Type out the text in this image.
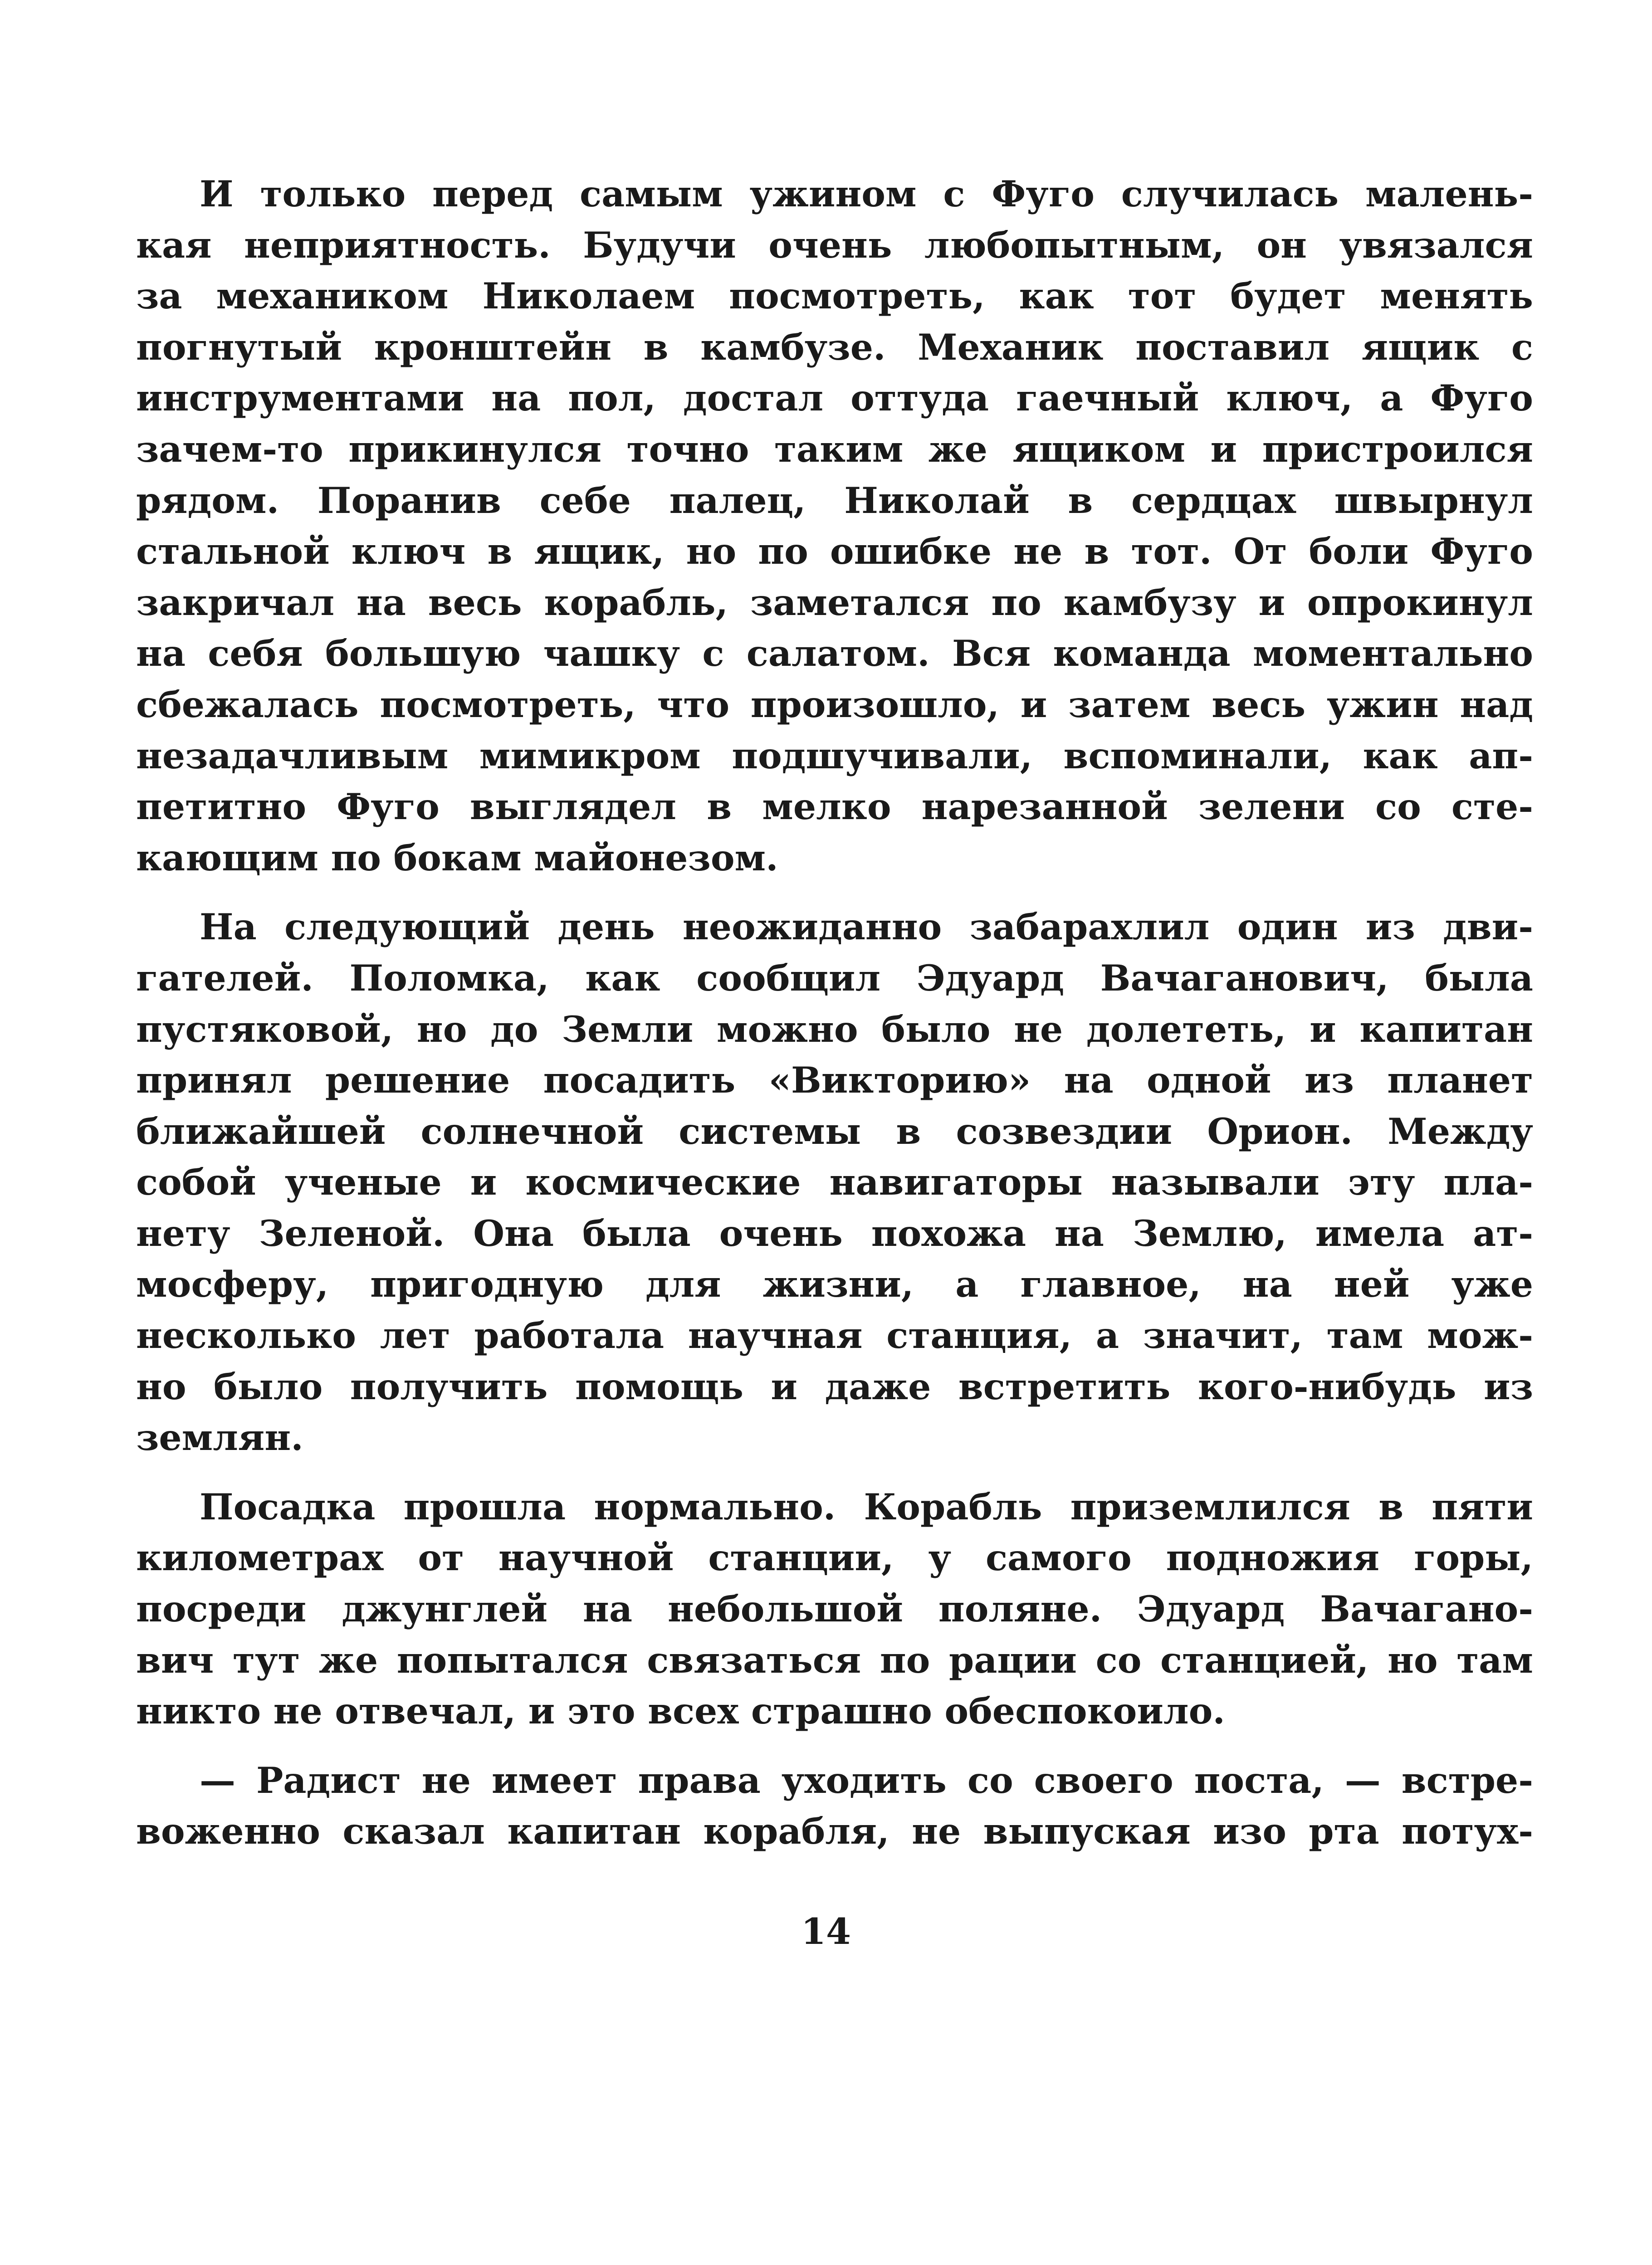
И только перед самым ужином с Фуго случилась малень-
кая неприятность. Будучи очень любопытным, он увязался
за механиком Николаем посмотреть, как тот будет менять
погнутый кронштейн в камбузе. Механик поставил ящик с
инструментами на пол, достал оттуда гаечный ключ, а Фуго
зачем-то прикинулся точно таким же ящиком и пристроился
рядом. Поранив себе палец, Николай в сердцах швырнул
стальной ключ в ящик, но по ошибке не в тот. От боли Фуго
закричал на весь корабль, заметался по камбузу и опрокинул
на себя большую чашку с салатом. Вся команда моментально
сбежалась посмотреть, что произошло, и затем весь ужин над
незадачливым мимикром подшучивали, вспоминали, как ап-
петитно Фуго выглядел в мелко нарезанной зелени со сте-
кающим по бокам майонезом.
На следующий день неожиданно забарахлил один из дви-
гателей. Поломка, как сообщил Эдуард Вачаганович, была
пустяковой, но до Земли можно было не долететь, и капитан
принял решение посадить «Викторию» на одной из планет
ближайшей солнечной системы в созвездии Орион. Между
собой ученые и космические навигаторы называли эту пла-
нету Зеленой. Она была очень похожа на Землю, имела ат-
мосферу, пригодную для жизни, а главное, на ней уже
несколько лет работала научная станция, а значит, там мож-
но было получить помощь и даже встретить кого-нибудь из
землян.
Посадка прошла нормально. Корабль приземлился в пяти
километрах от научной станции, у самого подножия горы,
посреди джунглей на небольшой поляне. Эдуард Вачагано-
вич тут же попытался связаться по рации со станцией, но там
никто не отвечал, и это всех страшно обеспокоило.
— Радист не имеет права уходить со своего поста, — встре-
воженно сказал капитан корабля, не выпуская изо рта потух-
14
